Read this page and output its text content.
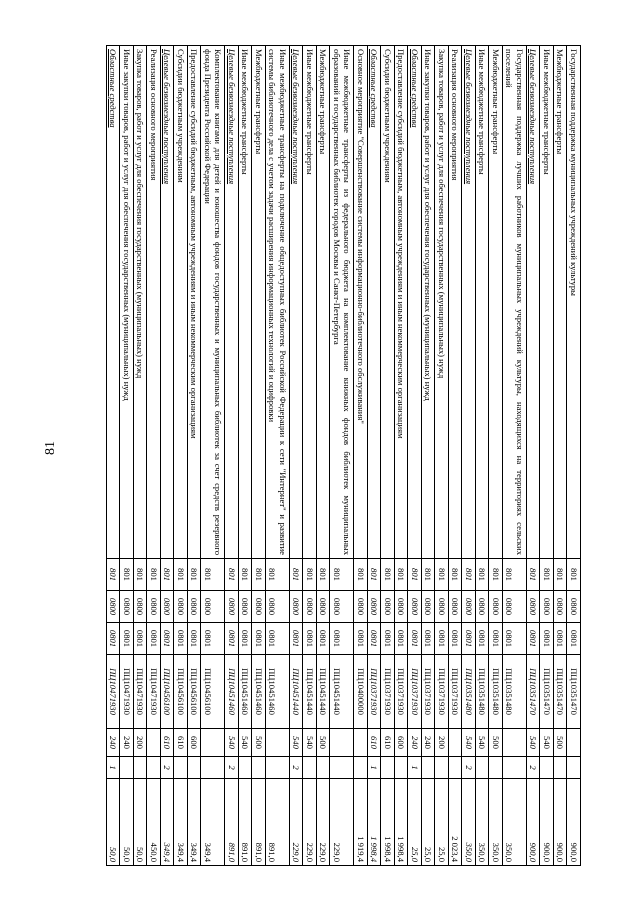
81
Государственная поддержка муниципальных учреждений культуры	801	0800	0801	ПЦ10351470			900,0
Межбюджетные трансферты	801	0800	0801	ПЦ10351470	500		900,0
Иные межбюджетные трансферты	801	0800	0801	ПЦ10351470	540		900,0
Целевые безвозмездные поступления	801	0800	0801	ПЦ10351470	540	2	900,0
Государственная поддержка лучших работников муниципальных учреждений культуры, находящихся на территориях сельских поселений	801	0800	0801	ПЦ10351480			350,0
Межбюджетные трансферты	801	0800	0801	ПЦ10351480	500		350,0
Иные межбюджетные трансферты	801	0800	0801	ПЦ10351480	540		350,0
Целевые безвозмездные поступления	801	0800	0801	ПЦ10351480	540	2	350,0
Реализация основного мероприятия	801	0800	0801	ПЦ10371930			2 023,4
Закупка товаров, работ и услуг для обеспечения государственных (муниципальных) нужд	801	0800	0801	ПЦ10371930	200		25,0
Иные закупки товаров, работ и услуг для обеспечения государственных (муниципальных) нужд	801	0800	0801	ПЦ10371930	240		25,0
Областные средства	801	0800	0801	ПЦ10371930	240	1	25,0
Предоставление субсидий бюджетным, автономным учреждениям и иным некоммерческим организациям	801	0800	0801	ПЦ10371930	600		1 998,4
Субсидии бюджетным учреждениям	801	0800	0801	ПЦ10371930	610		1 998,4
Областные средства	801	0800	0801	ПЦ10371930	610	1	1 998,4
Основное мероприятие "Совершенствование системы информационно-библиотечного обслуживания"	801	0800	0801	ПЦ10400000			1 919,4
Иные межбюджетные трансферты из федерального бюджета на комплектование книжных фондов библиотек муниципальных образований и государственных библиотек городов Москвы и Санкт-Петербурга	801	0800	0801	ПЦ10451440			229,0
Межбюджетные трансферты	801	0800	0801	ПЦ10451440	500		229,0
Иные межбюджетные трансферты	801	0800	0801	ПЦ10451440	540		229,0
Целевые безвозмездные поступления	801	0800	0801	ПЦ10451440	540	2	229,0
Иные межбюджетные трансферты на подключение общедоступных библиотек Российской Федерации к сети "Интернет" и развитие системы библиотечного дела с учетом задачи расширения информационных технологий и оцифровки	801	0800	0801	ПЦ10451460			891,0
Межбюджетные трансферты	801	0800	0801	ПЦ10451460	500		891,0
Иные межбюджетные трансферты	801	0800	0801	ПЦ10451460	540		891,0
Целевые безвозмездные поступления	801	0800	0801	ПЦ10451460	540	2	891,0
Комплектование книгами для детей и юношества фондов государственных и муниципальных библиотек за счет средств резервного фонда Президента Российской Федерации	801	0800	0801	ПЦ10456100			349,4
Предоставление субсидий бюджетным, автономным учреждениям и иным некоммерческим организациям	801	0800	0801	ПЦ10456100	600		349,4
Субсидии бюджетным учреждениям	801	0800	0801	ПЦ10456100	610		349,4
Целевые безвозмездные поступления	801	0800	0801	ПЦ10456100	610	2	349,4
Реализация основного мероприятия	801	0800	0801	ПЦ10471930			450,0
Закупка товаров, работ и услуг для обеспечения государственных (муниципальных) нужд	801	0800	0801	ПЦ10471930	200		50,0
Иные закупки товаров, работ и услуг для обеспечения государственных (муниципальных) нужд	801	0800	0801	ПЦ10471930	240		50,0
Областные средства	801	0800	0801	ПЦ10471930	240	1	50,0
